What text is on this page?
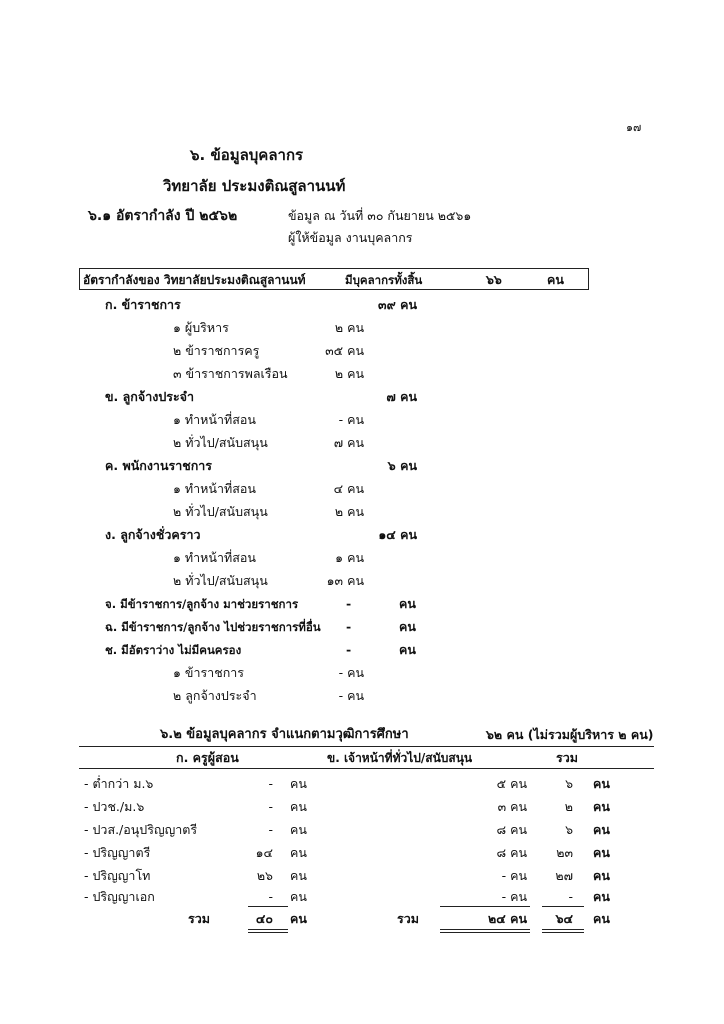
๑๗
๖. ข้อมูลบุคลากร
วิทยาลัย ประมงติณสูลานนท์
๖.๑ อัตรากำลัง ปี ๒๕๖๒	ข้อมูล ณ วันที่ ๓๐ กันยายน ๒๕๖๑
ผู้ให้ข้อมูล งานบุคลากร
อัตรากำลังของ วิทยาลัยประมงติณสูลานนท์	มีบุคลากรทั้งสิ้น	๖๖	คน
ก. ข้าราชการ	๓๙ คน
๑ ผู้บริหาร	๒ คน
๒ ข้าราชการครู	๓๕ คน
๓ ข้าราชการพลเรือน	๒ คน
ข. ลูกจ้างประจำ	๗ คน
๑ ทำหน้าที่สอน	- คน
๒ ทั่วไป/สนับสนุน	๗ คน
ค. พนักงานราชการ	๖ คน
๑ ทำหน้าที่สอน	๔ คน
๒ ทั่วไป/สนับสนุน	๒ คน
ง. ลูกจ้างชั่วคราว	๑๔ คน
๑ ทำหน้าที่สอน	๑ คน
๒ ทั่วไป/สนับสนุน	๑๓ คน
จ. มีข้าราชการ/ลูกจ้าง มาช่วยราชการ	-	คน
ฉ. มีข้าราชการ/ลูกจ้าง ไปช่วยราชการที่อื่น -	คน
ช. มีอัตราว่าง ไม่มีคนครอง	-	คน
๑ ข้าราชการ	- คน
๒ ลูกจ้างประจำ	- คน
๖.๒ ข้อมูลบุคลากร จำแนกตามวุฒิการศึกษา	๖๒ คน (ไม่รวมผู้บริหาร ๒ คน)
ก. ครูผู้สอน	ข. เจ้าหน้าที่ทั่วไป/สนับสนุน	รวม
- ต่ำกว่า ม.๖	- คน	๕ คน	๖ คน
- ปวช./ม.๖	- คน	๓ คน	๒ คน
- ปวส./อนุปริญญาตรี	- คน	๘ คน	๖ คน
- ปริญญาตรี	๑๔ คน	๘ คน	๒๓ คน
- ปริญญาโท	๒๖ คน	- คน	๒๗ คน
- ปริญญาเอก	- คน	- คน	- คน
รวม	๔๐ คน	รวม	๒๔ คน	๖๔ คน
